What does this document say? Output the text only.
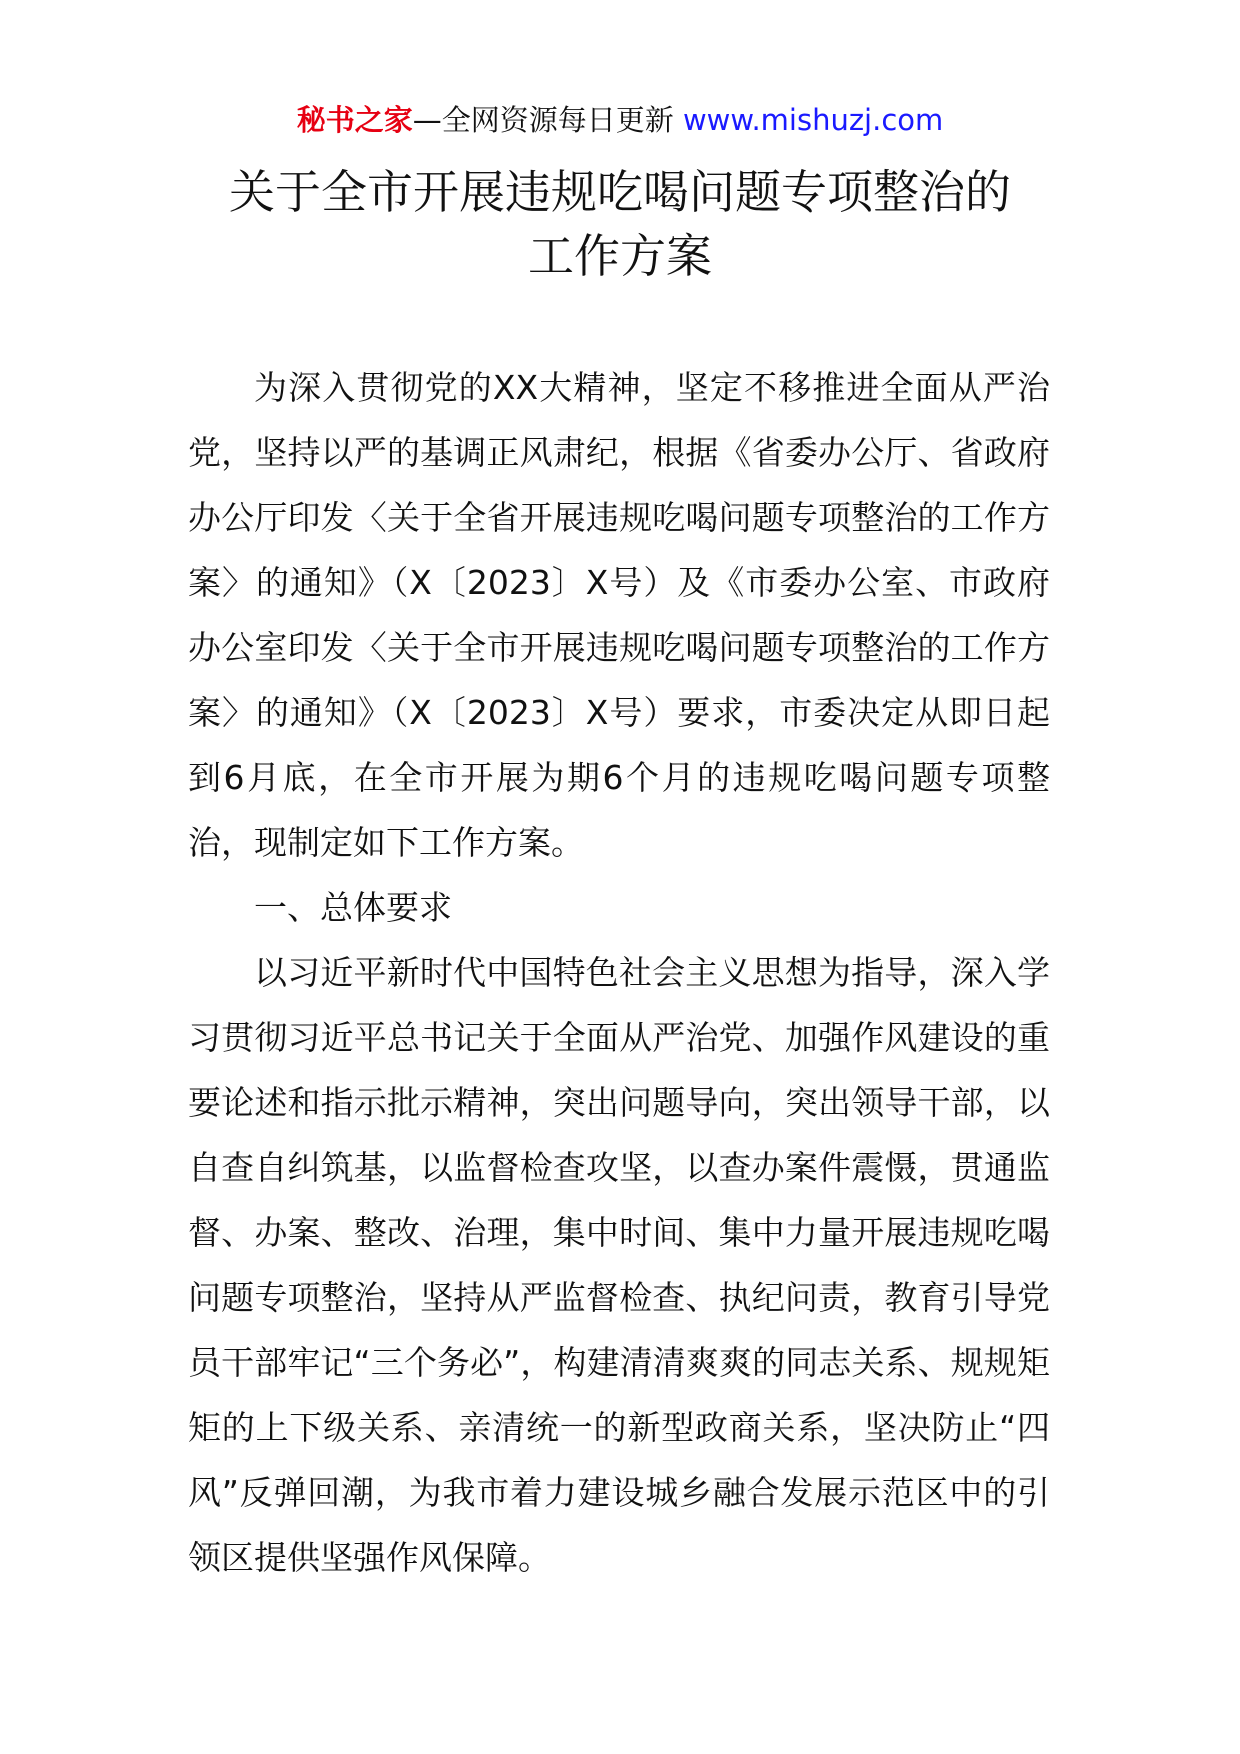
秘书之家—全网资源每日更新 www.mishuzj.com
关于全市开展违规吃喝问题专项整治的
工作方案

为深入贯彻党的XX大精神，坚定不移推进全面从严治党，坚持以严的基调正风肃纪，根据《省委办公厅、省政府办公厅印发〈关于全省开展违规吃喝问题专项整治的工作方案〉的通知》（X〔2023〕X号）及《市委办公室、市政府办公室印发〈关于全市开展违规吃喝问题专项整治的工作方案〉的通知》（X〔2023〕X号）要求，市委决定从即日起到6月底，在全市开展为期6个月的违规吃喝问题专项整治，现制定如下工作方案。

一、总体要求

以习近平新时代中国特色社会主义思想为指导，深入学习贯彻习近平总书记关于全面从严治党、加强作风建设的重要论述和指示批示精神，突出问题导向，突出领导干部，以自查自纠筑基，以监督检查攻坚，以查办案件震慑，贯通监督、办案、整改、治理，集中时间、集中力量开展违规吃喝问题专项整治，坚持从严监督检查、执纪问责，教育引导党员干部牢记“三个务必”，构建清清爽爽的同志关系、规规矩矩的上下级关系、亲清统一的新型政商关系，坚决防止“四风”反弹回潮，为我市着力建设城乡融合发展示范区中的引领区提供坚强作风保障。
